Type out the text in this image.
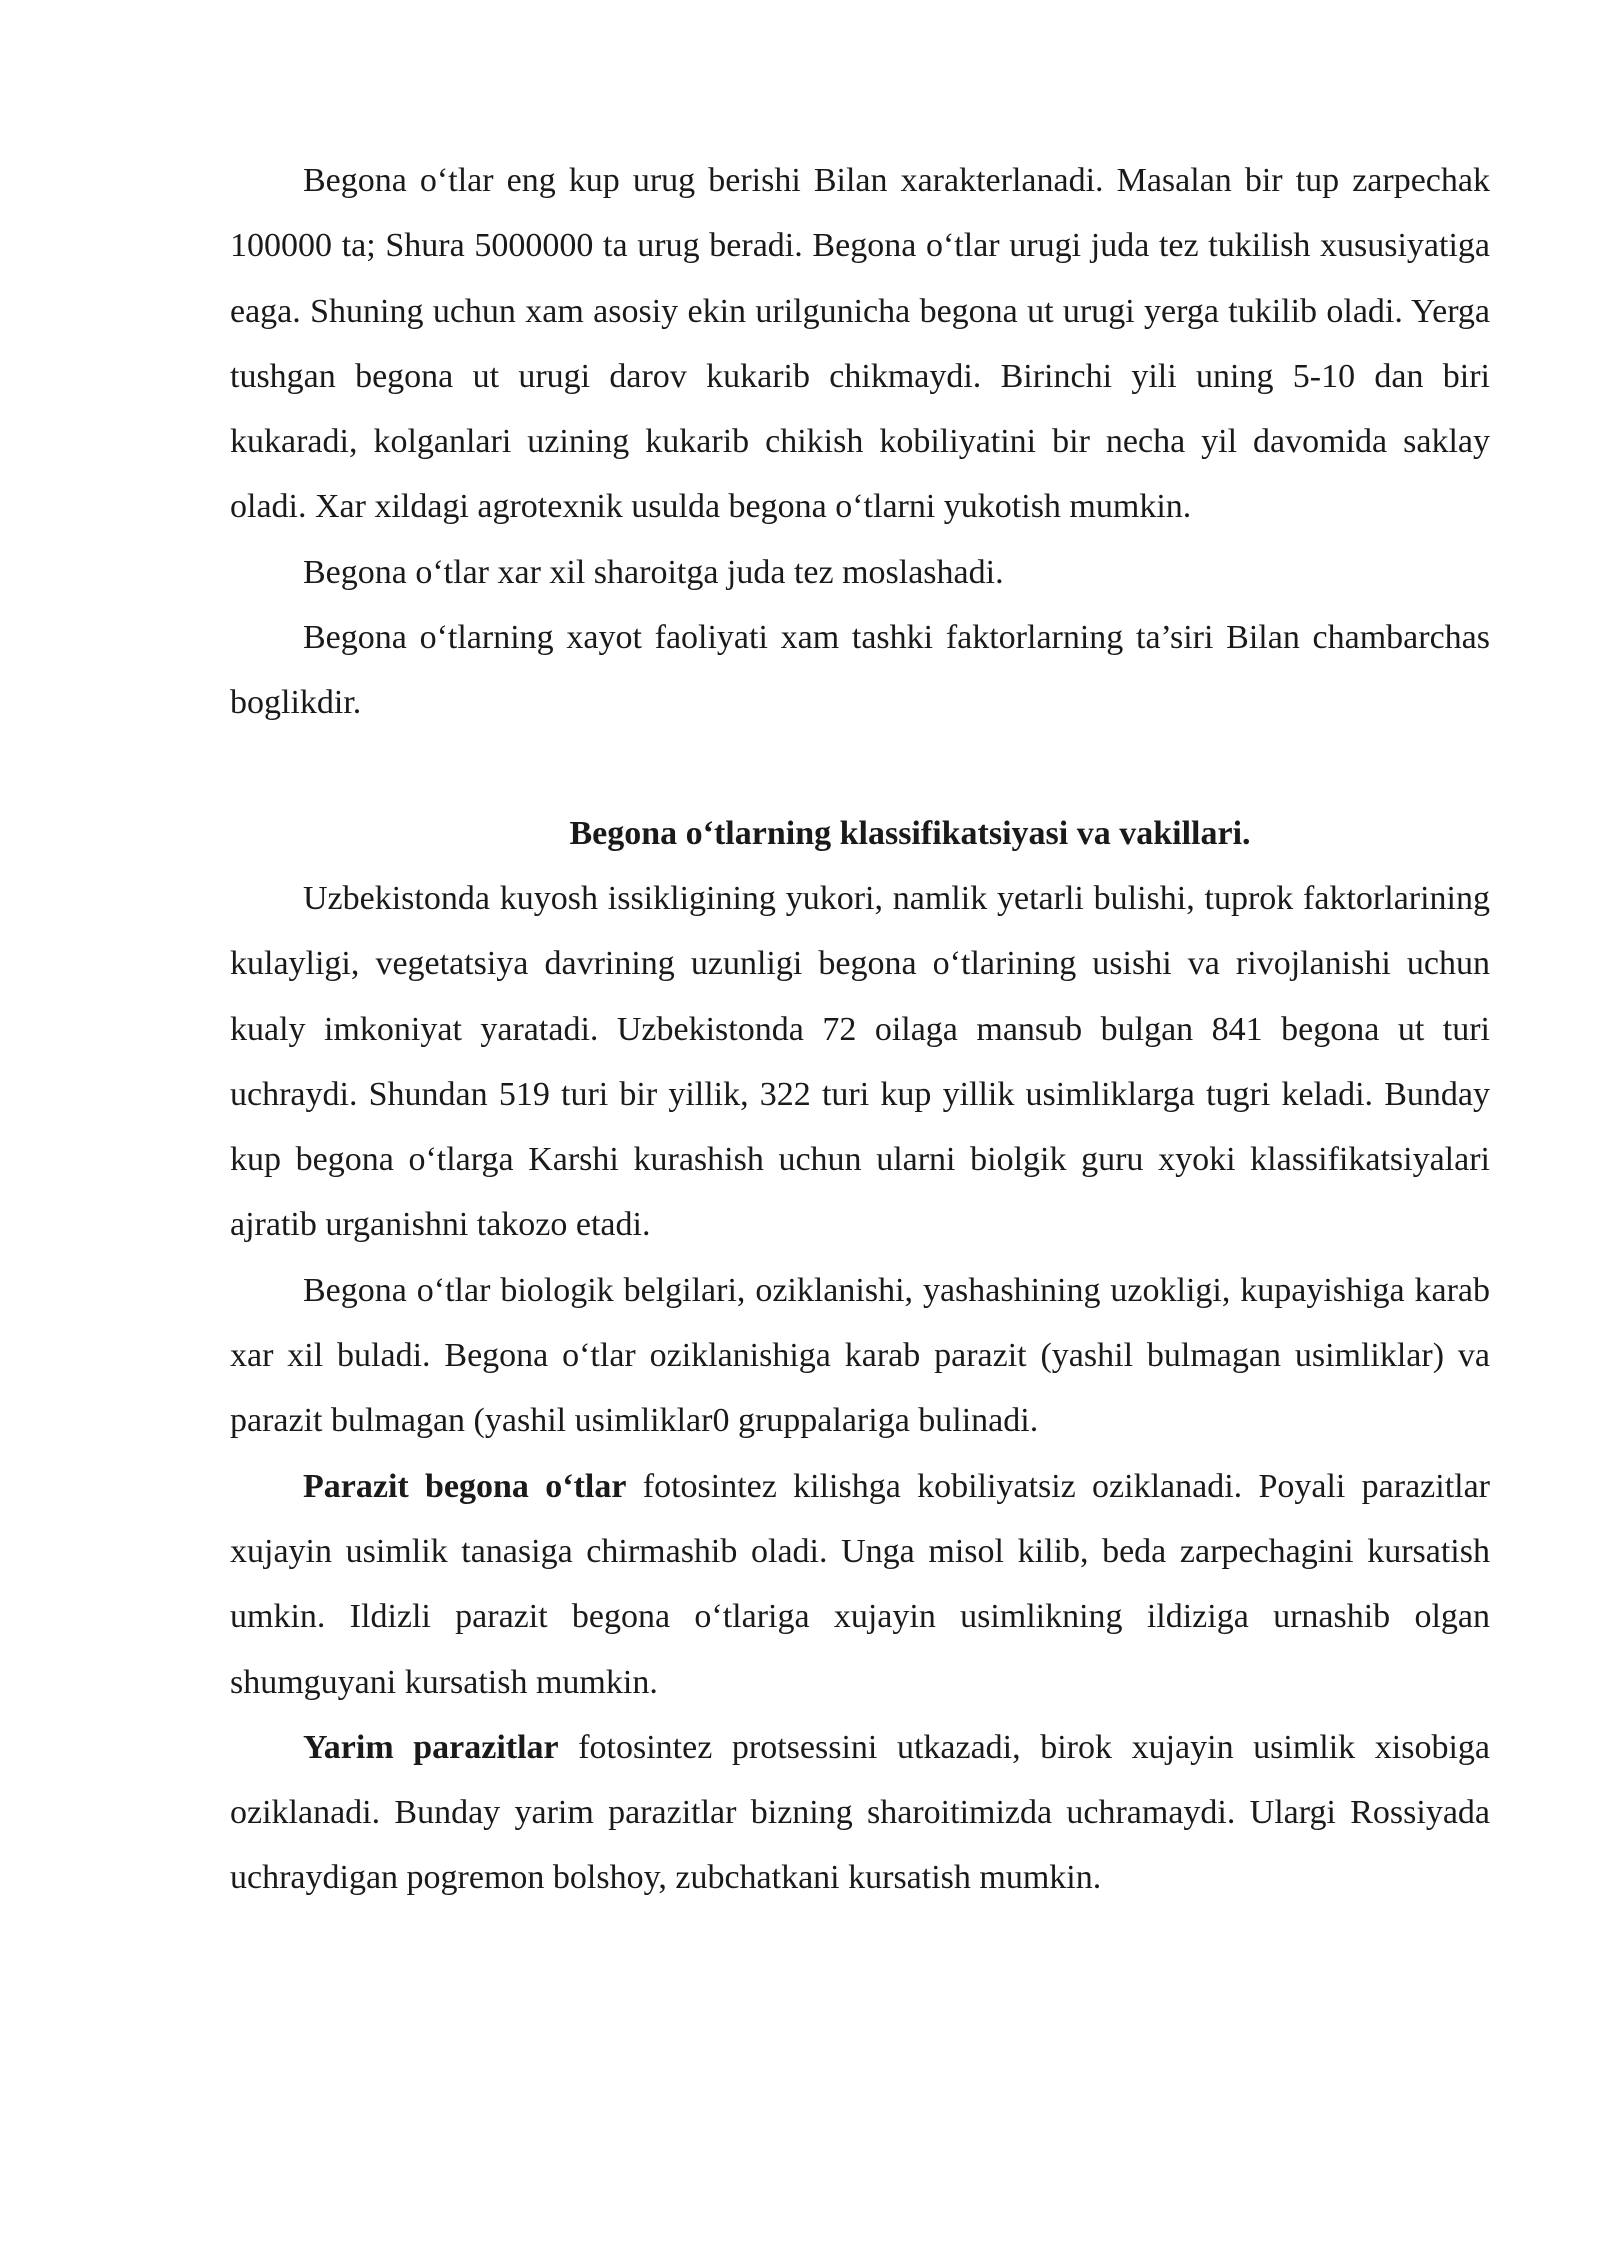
Begona o‘tlar eng kup urug berishi Bilan xarakterlanadi. Masalan bir tup zarpechak 100000 ta; Shura 5000000 ta urug beradi. Begona o‘tlar urugi juda tez tukilish xususiyatiga eaga. Shuning uchun xam asosiy ekin urilgunicha begona ut urugi yerga tukilib oladi. Yerga tushgan begona ut urugi darov kukarib chikmaydi. Birinchi yili uning 5-10 dan biri kukaradi, kolganlari uzining kukarib chikish kobiliyatini bir necha yil davomida saklay oladi. Xar xildagi agrotexnik usulda begona o‘tlarni yukotish mumkin.

Begona o‘tlar xar xil sharoitga juda tez moslashadi.

Begona o‘tlarning xayot faoliyati xam tashki faktorlarning ta’siri Bilan chambarchas boglikdir.

Begona o‘tlarning klassifikatsiyasi va vakillari.

Uzbekistonda kuyosh issikligining yukori, namlik yetarli bulishi, tuprok faktorlarining kulayligi, vegetatsiya davrining uzunligi begona o‘tlarining usishi va rivojlanishi uchun kualy imkoniyat yaratadi. Uzbekistonda 72 oilaga mansub bulgan 841 begona ut turi uchraydi. Shundan 519 turi bir yillik, 322 turi kup yillik usimliklarga tugri keladi. Bunday kup begona o‘tlarga Karshi kurashish uchun ularni biolgik guru xyoki klassifikatsiyalari ajratib urganishni takozo etadi.

Begona o‘tlar biologik belgilari, oziklanishi, yashashining uzokligi, kupayishiga karab xar xil buladi. Begona o‘tlar oziklanishiga karab parazit (yashil bulmagan usimliklar) va parazit bulmagan (yashil usimliklar0 gruppalariga bulinadi.

Parazit begona o‘tlar fotosintez kilishga kobiliyatsiz oziklanadi. Poyali parazitlar xujayin usimlik tanasiga chirmashib oladi. Unga misol kilib, beda zarpechagini kursatish umkin. Ildizli parazit begona o‘tlariga xujayin usimlikning ildiziga urnashib olgan shumguyani kursatish mumkin.

Yarim parazitlar fotosintez protsessini utkazadi, birok xujayin usimlik xisobiga oziklanadi. Bunday yarim parazitlar bizning sharoitimizda uchramaydi. Ulargi Rossiyada uchraydigan pogremon bolshoy, zubchatkani kursatish mumkin.
